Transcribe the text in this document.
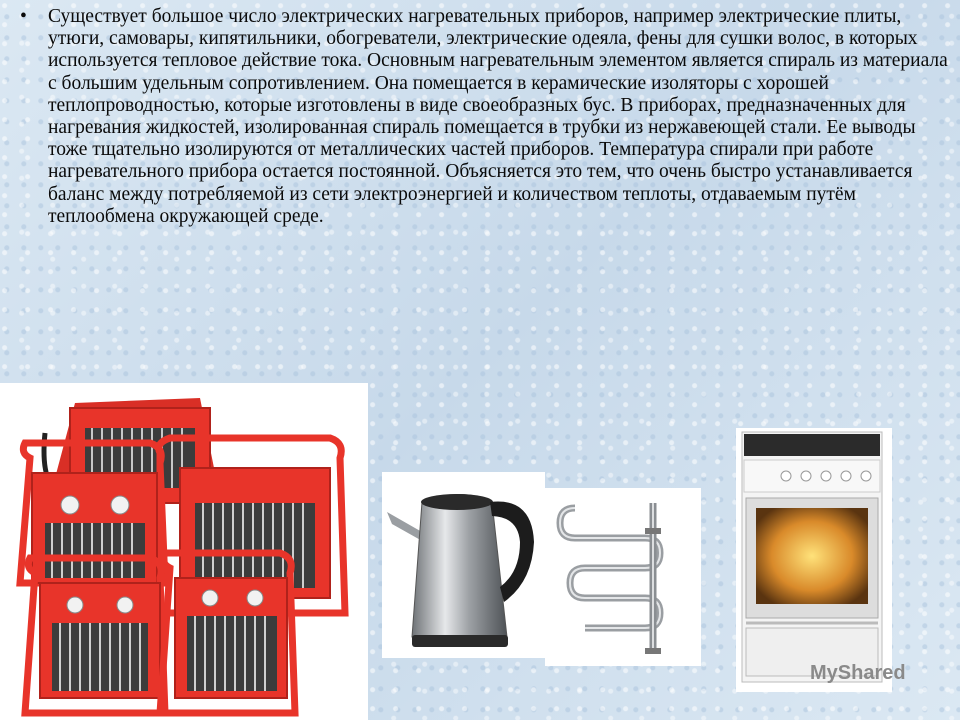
•	Существует большое число электрических нагревательных приборов, например электрические плиты, утюги, самовары, кипятильники, обогреватели, электрические одеяла, фены для сушки волос, в которых используется тепловое действие тока. Основным нагревательным элементом является спираль из материала с большим удельным сопротивлением. Она помещается в керамические изоляторы с хорошей теплопроводностью, которые изготовлены в виде своеобразных бус. В приборах, предназначенных для нагревания жидкостей, изолированная спираль помещается в трубки из нержавеющей стали. Ее выводы тоже тщательно изолируются от металлических частей приборов. Температура спирали при работе нагревательного прибора остается постоянной. Объясняется это тем, что очень быстро устанавливается баланс между потребляемой из сети электроэнергией и количеством теплоты, отдаваемым путём теплообмена окружающей среде.
MyShared
